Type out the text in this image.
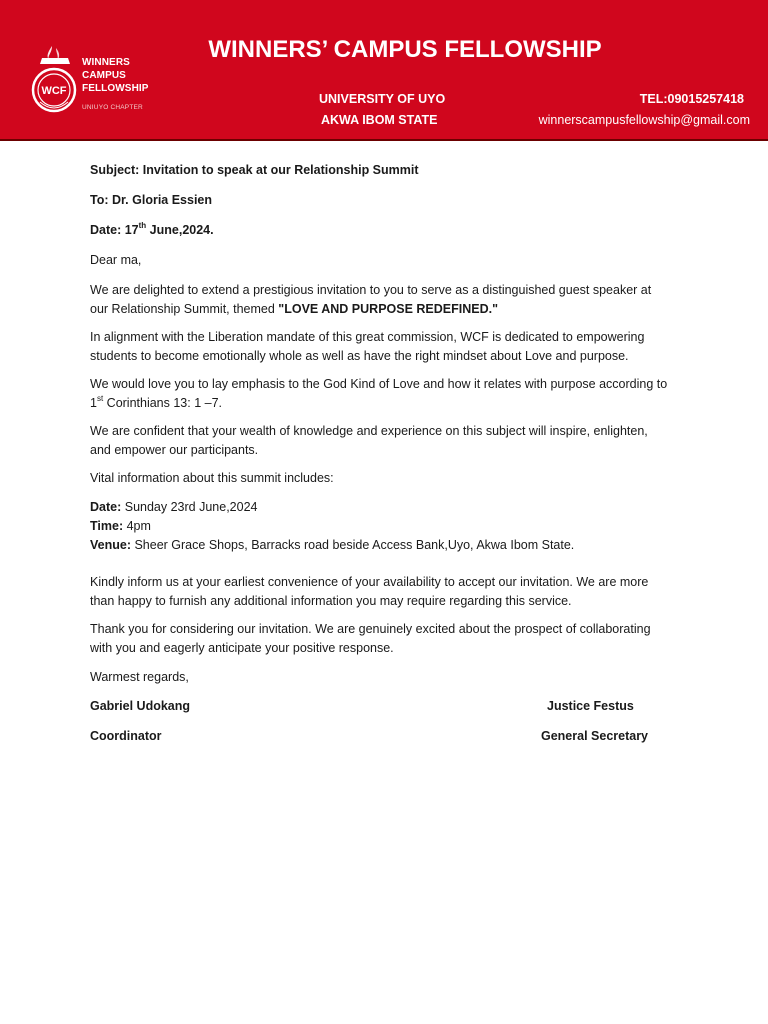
WCF
WINNERS
CAMPUS
FELLOWSHIP
UNIUYO CHAPTER
WINNERS’ CAMPUS FELLOWSHIP
UNIVERSITY OF UYO
AKWA IBOM STATE
TEL:09015257418
winnerscampusfellowship@gmail.com
Subject: Invitation to speak at our Relationship Summit
To: Dr. Gloria Essien
Date: 17th June,2024.
Dear ma,
We are delighted to extend a prestigious invitation to you to serve as a distinguished guest speaker at
our Relationship Summit, themed "LOVE AND PURPOSE REDEFINED."
In alignment with the Liberation mandate of this great commission, WCF is dedicated to empowering
students to become emotionally whole as well as have the right mindset about Love and purpose.
We would love you to lay emphasis to the God Kind of Love and how it relates with purpose according to
1st Corinthians 13: 1 –7.
We are confident that your wealth of knowledge and experience on this subject will inspire, enlighten,
and empower our participants.
Vital information about this summit includes:
Date: Sunday 23rd June,2024
Time: 4pm
Venue: Sheer Grace Shops, Barracks road beside Access Bank,Uyo, Akwa Ibom State.
Kindly inform us at your earliest convenience of your availability to accept our invitation. We are more
than happy to furnish any additional information you may require regarding this service.
Thank you for considering our invitation. We are genuinely excited about the prospect of collaborating
with you and eagerly anticipate your positive response.
Warmest regards,
Gabriel Udokang
Coordinator
Justice Festus
General Secretary
